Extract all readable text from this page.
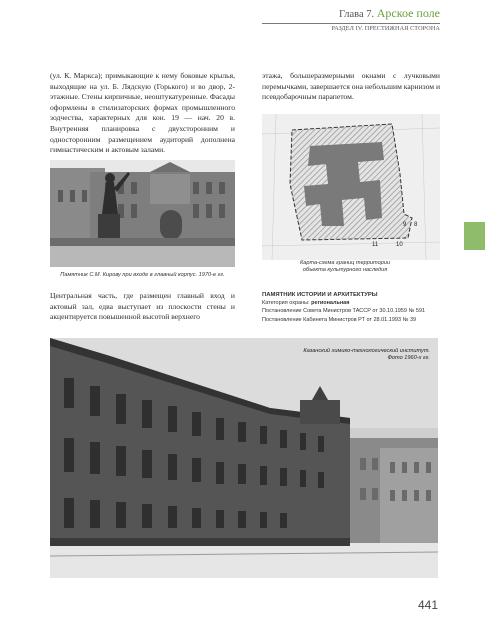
Глава 7. Арское поле
РАЗДЕЛ IV. ПРЕСТИЖНАЯ СТОРОНА
(ул. К. Маркса); примыкающие к нему боковые крылья, выходящие на ул. Б. Лядскую (Горького) и во двор, 2-этажные. Стены кирпичные, неоштукатуренные. Фасады оформлены в стилизаторских формах промышленного зодчества, характерных для кон. 19 — нач. 20 в. Внутренняя планировка с двухсторонним и односторонним размещением аудиторий дополнена гимнастическим и актовым залами.
этажа, большеразмерными окнами с лучковыми перемычками, завершается она небольшим карнизом и псевдобарочным парапетом.
Памятник С.М. Кирову при входе в главный корпус. 1970-е гг.
9 8
11	10
Карта-схема границ территории
объекта культурного наследия
Центральная часть, где размещен главный вход и актовый зал, едва выступает из плоскости стены и акцентируется повышенной высотой верхнего
ПАМЯТНИК ИСТОРИИ И АРХИТЕКТУРЫ
Категория охраны: региональная
Постановление Совета Министров ТАССР от 30.10.1959 № 591
Постановление Кабинета Министров РТ от 28.01.1993 № 39
Казанский химико-технологический институт.
Фото 1960-х гг.
441
